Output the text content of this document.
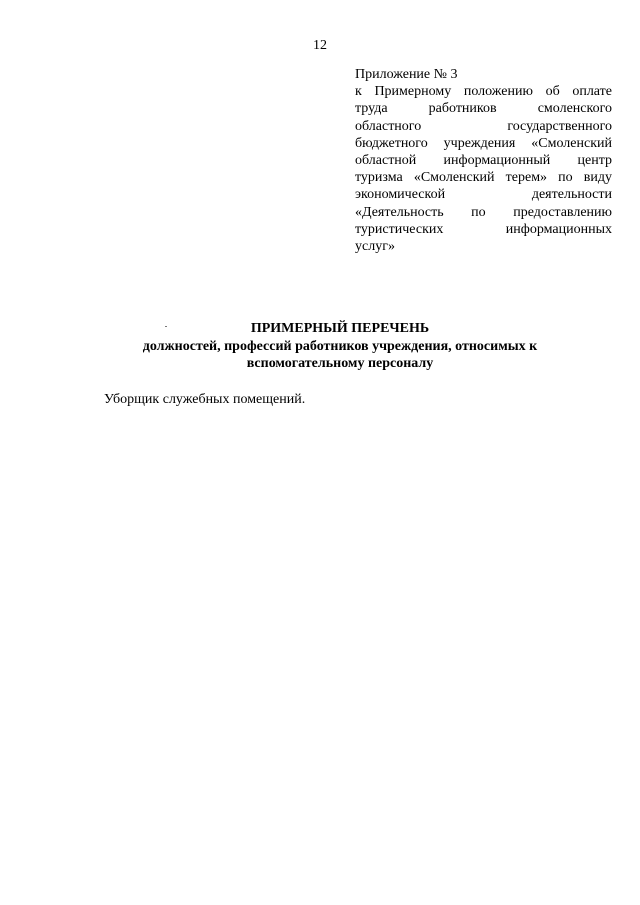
12
Приложение № 3
к Примерному положению об оплате
труда работников смоленского
областного государственного
бюджетного учреждения «Смоленский
областной информационный центр
туризма «Смоленский терем» по виду
экономической деятельности
«Деятельность по предоставлению
туристических информационных
услуг»
ПРИМЕРНЫЙ ПЕРЕЧЕНЬ
должностей, профессий работников учреждения, относимых к
вспомогательному персоналу
Уборщик служебных помещений.
